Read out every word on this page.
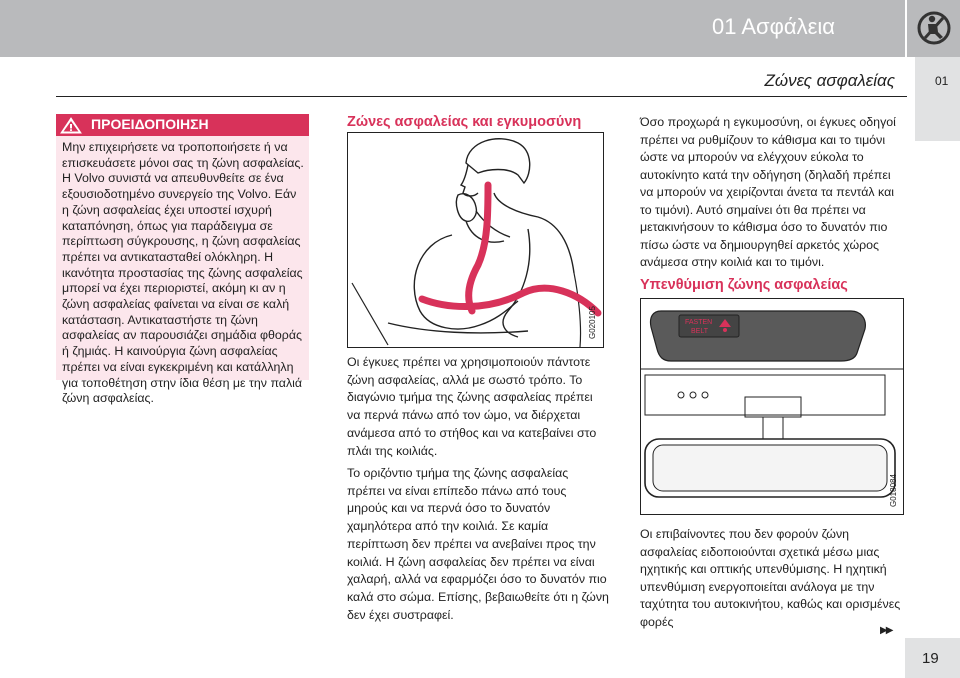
01 Ασφάλεια
Ζώνες ασφαλείας	01
ΠΡΟΕΙΔΟΠΟΙΗΣΗ
Μην επιχειρήσετε να τροποποιήσετε ή να επισκευάσετε μόνοι σας τη ζώνη ασφαλείας. Η Volvo συνιστά να απευθυνθείτε σε ένα εξουσιοδοτημένο συνεργείο της Volvo. Εάν η ζώνη ασφαλείας έχει υποστεί ισχυρή καταπόνηση, όπως για παράδειγμα σε περίπτωση σύγκρουσης, η ζώνη ασφαλείας πρέπει να αντικατασταθεί ολόκληρη. Η ικανότητα προστασίας της ζώνης ασφαλείας μπορεί να έχει περιοριστεί, ακόμη κι αν η ζώνη ασφαλείας φαίνεται να είναι σε καλή κατάσταση. Αντικαταστήστε τη ζώνη ασφαλείας αν παρουσιάζει σημάδια φθοράς ή ζημιάς. Η καινούργια ζώνη ασφαλείας πρέπει να είναι εγκεκριμένη και κατάλληλη για τοποθέτηση στην ίδια θέση με την παλιά ζώνη ασφαλείας.
Ζώνες ασφαλείας και εγκυμοσύνη
G020105

Οι έγκυες πρέπει να χρησιμοποιούν πάντοτε ζώνη ασφαλείας, αλλά με σωστό τρόπο. Το διαγώνιο τμήμα της ζώνης ασφαλείας πρέπει να περνά πάνω από τον ώμο, να διέρχεται ανάμεσα από το στήθος και να κατεβαίνει στο πλάι της κοιλιάς.

Το οριζόντιο τμήμα της ζώνης ασφαλείας πρέπει να είναι επίπεδο πάνω από τους μηρούς και να περνά όσο το δυνατόν χαμηλότερα από την κοιλιά. Σε καμία περίπτωση δεν πρέπει να ανεβαίνει προς την κοιλιά. Η ζώνη ασφαλείας δεν πρέπει να είναι χαλαρή, αλλά να εφαρμόζει όσο το δυνατόν πιο καλά στο σώμα. Επίσης, βεβαιωθείτε ότι η ζώνη δεν έχει συστραφεί.

Όσο προχωρά η εγκυμοσύνη, οι έγκυες οδηγοί πρέπει να ρυθμίζουν το κάθισμα και το τιμόνι ώστε να μπορούν να ελέγχουν εύκολα το αυτοκίνητο κατά την οδήγηση (δηλαδή πρέπει να μπορούν να χειρίζονται άνετα τα πεντάλ και το τιμόνι). Αυτό σημαίνει ότι θα πρέπει να μετακινήσουν το κάθισμα όσο το δυνατόν πιο πίσω ώστε να δημιουργηθεί αρκετός χώρος ανάμεσα στην κοιλιά και το τιμόνι.

Υπενθύμιση ζώνης ασφαλείας
FASTEN
BELT
G018084

Οι επιβαίνοντες που δεν φορούν ζώνη ασφαλείας ειδοποιούνται σχετικά μέσω μιας ηχητικής και οπτικής υπενθύμισης. Η ηχητική υπενθύμιση ενεργοποιείται ανάλογα με την ταχύτητα του αυτοκινήτου, καθώς και ορισμένες φορές

▶▶
19
